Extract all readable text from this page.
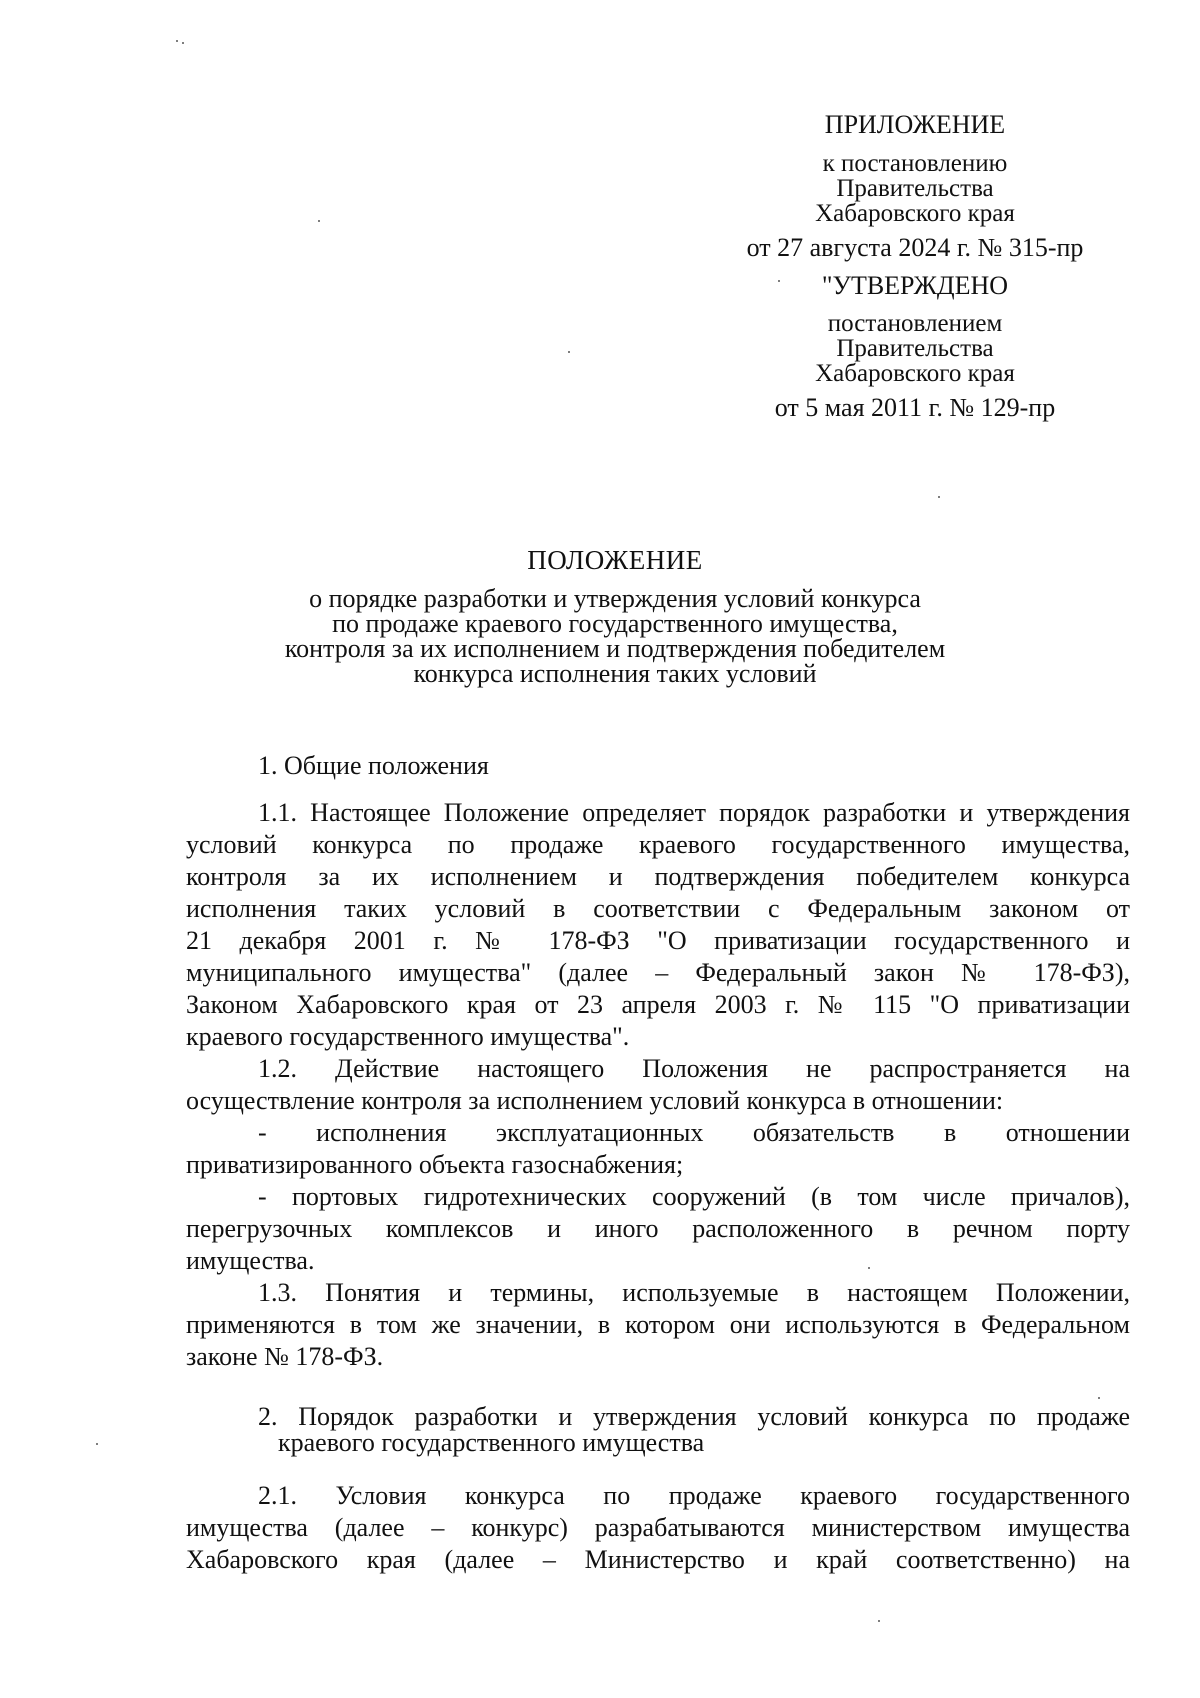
ПРИЛОЖЕНИЕ
к постановлению
Правительства
Хабаровского края
от 27 августа 2024 г. № 315-пр
"УТВЕРЖДЕНО
постановлением
Правительства
Хабаровского края
от 5 мая 2011 г. № 129-пр
ПОЛОЖЕНИЕ
о порядке разработки и утверждения условий конкурса
по продаже краевого государственного имущества,
контроля за их исполнением и подтверждения победителем
конкурса исполнения таких условий
1. Общие положения
1.1. Настоящее Положение определяет порядок разработки и утверждения
условий конкурса по продаже краевого государственного имущества,
контроля за их исполнением и подтверждения победителем конкурса
исполнения таких условий в соответствии с Федеральным законом от
21 декабря 2001 г. № 178-ФЗ "О приватизации государственного и
муниципального имущества" (далее – Федеральный закон № 178-ФЗ),
Законом Хабаровского края от 23 апреля 2003 г. № 115 "О приватизации
краевого государственного имущества".
1.2. Действие настоящего Положения не распространяется на
осуществление контроля за исполнением условий конкурса в отношении:
- исполнения эксплуатационных обязательств в отношении
приватизированного объекта газоснабжения;
- портовых гидротехнических сооружений (в том числе причалов),
перегрузочных комплексов и иного расположенного в речном порту
имущества.
1.3. Понятия и термины, используемые в настоящем Положении,
применяются в том же значении, в котором они используются в Федеральном
законе № 178-ФЗ.
2. Порядок разработки и утверждения условий конкурса по продаже
краевого государственного имущества
2.1. Условия конкурса по продаже краевого государственного
имущества (далее – конкурс) разрабатываются министерством имущества
Хабаровского края (далее – Министерство и край соответственно) на
